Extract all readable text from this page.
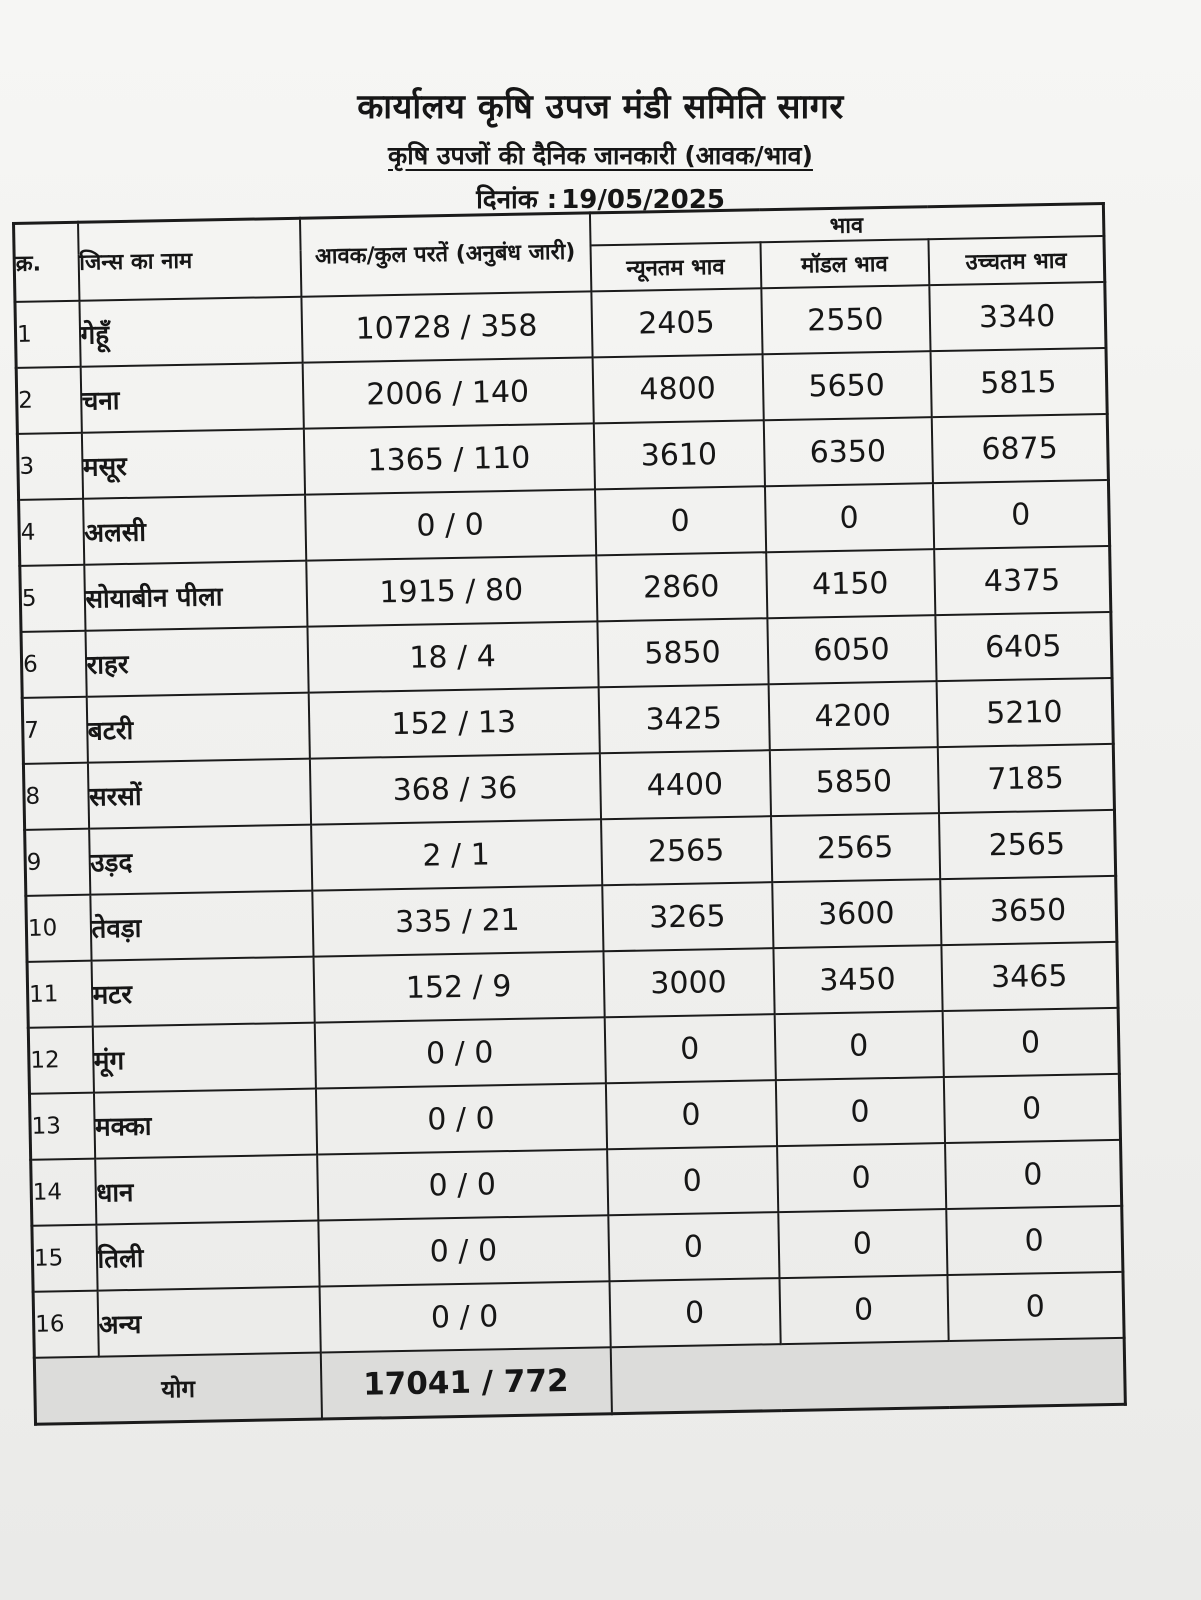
कार्यालय कृषि उपज मंडी समिति सागर
कृषि उपजों की दैनिक जानकारी (आवक/भाव)
दिनांक : 19/05/2025
क्र.	जिन्स का नाम	आवक/कुल परतें (अनुबंध जारी)	भाव		
			न्यूनतम भाव	मॉडल भाव	उच्चतम भाव
1	गेहूँ	10728 / 358	2405	2550	3340
2	चना	2006 / 140	4800	5650	5815
3	मसूर	1365 / 110	3610	6350	6875
4	अलसी	0 / 0	0	0	0
5	सोयाबीन पीला	1915 / 80	2860	4150	4375
6	राहर	18 / 4	5850	6050	6405
7	बटरी	152 / 13	3425	4200	5210
8	सरसों	368 / 36	4400	5850	7185
9	उड़द	2 / 1	2565	2565	2565
10	तेवड़ा	335 / 21	3265	3600	3650
11	मटर	152 / 9	3000	3450	3465
12	मूंग	0 / 0	0	0	0
13	मक्का	0 / 0	0	0	0
14	धान	0 / 0	0	0	0
15	तिली	0 / 0	0	0	0
16	अन्य	0 / 0	0	0	0
योग		17041 / 772			
